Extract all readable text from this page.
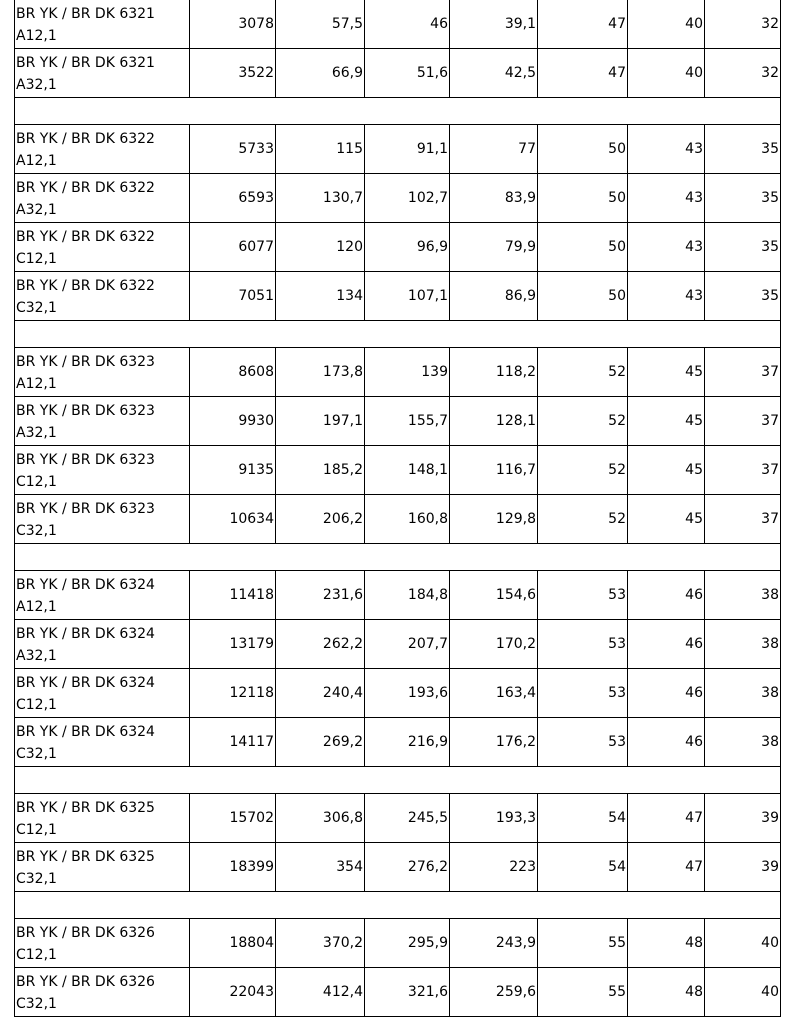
BR YK / BR DK 6321 A12,1	3078	57,5	46	39,1	47	40	32
BR YK / BR DK 6321 A32,1	3522	66,9	51,6	42,5	47	40	32

BR YK / BR DK 6322 A12,1	5733	115	91,1	77	50	43	35
BR YK / BR DK 6322 A32,1	6593	130,7	102,7	83,9	50	43	35
BR YK / BR DK 6322 C12,1	6077	120	96,9	79,9	50	43	35
BR YK / BR DK 6322 C32,1	7051	134	107,1	86,9	50	43	35

BR YK / BR DK 6323 A12,1	8608	173,8	139	118,2	52	45	37
BR YK / BR DK 6323 A32,1	9930	197,1	155,7	128,1	52	45	37
BR YK / BR DK 6323 C12,1	9135	185,2	148,1	116,7	52	45	37
BR YK / BR DK 6323 C32,1	10634	206,2	160,8	129,8	52	45	37

BR YK / BR DK 6324 A12,1	11418	231,6	184,8	154,6	53	46	38
BR YK / BR DK 6324 A32,1	13179	262,2	207,7	170,2	53	46	38
BR YK / BR DK 6324 C12,1	12118	240,4	193,6	163,4	53	46	38
BR YK / BR DK 6324 C32,1	14117	269,2	216,9	176,2	53	46	38

BR YK / BR DK 6325 C12,1	15702	306,8	245,5	193,3	54	47	39
BR YK / BR DK 6325 C32,1	18399	354	276,2	223	54	47	39

BR YK / BR DK 6326 C12,1	18804	370,2	295,9	243,9	55	48	40
BR YK / BR DK 6326 C32,1	22043	412,4	321,6	259,6	55	48	40
